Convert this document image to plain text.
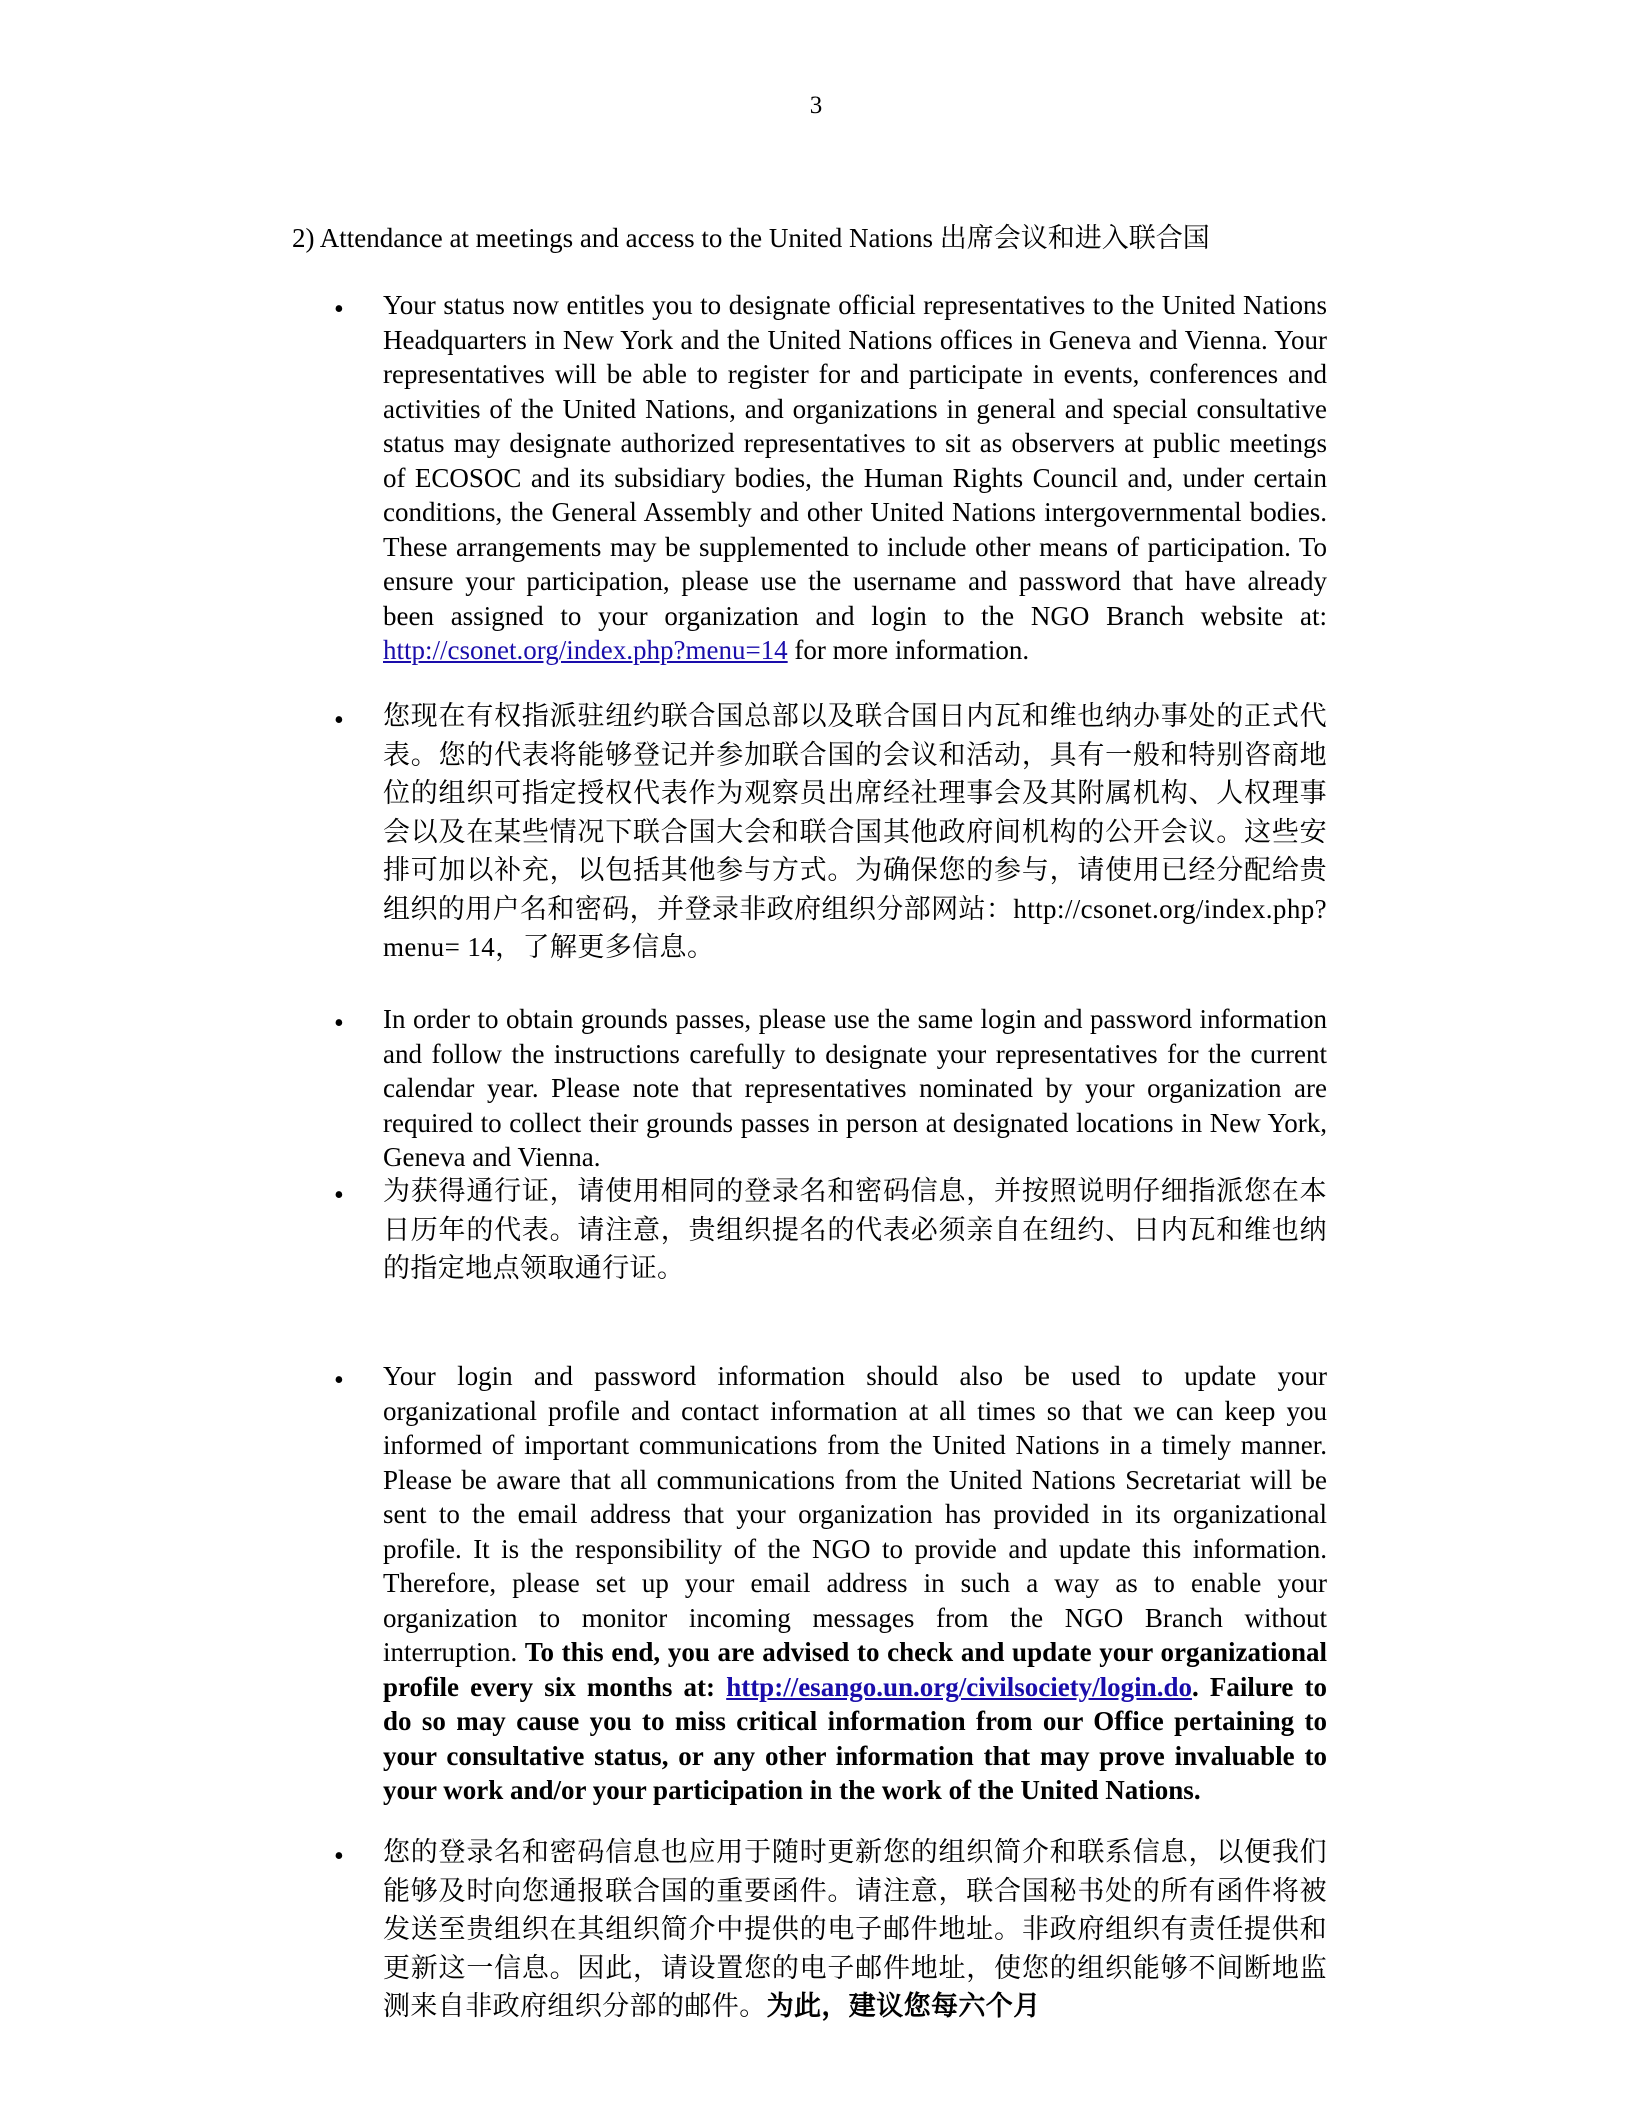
3
2) Attendance at meetings and access to the United Nations 出席会议和进入联合国
• Your status now entitles you to designate official representatives to the United Nations Headquarters in New York and the United Nations offices in Geneva and Vienna. Your representatives will be able to register for and participate in events, conferences and activities of the United Nations, and organizations in general and special consultative status may designate authorized representatives to sit as observers at public meetings of ECOSOC and its subsidiary bodies, the Human Rights Council and, under certain conditions, the General Assembly and other United Nations intergovernmental bodies. These arrangements may be supplemented to include other means of participation. To ensure your participation, please use the username and password that have already been assigned to your organization and login to the NGO Branch website at: http://csonet.org/index.php?menu=14 for more information.
• 您现在有权指派驻纽约联合国总部以及联合国日内瓦和维也纳办事处的正式代表。您的代表将能够登记并参加联合国的会议和活动，具有一般和特别咨商地位的组织可指定授权代表作为观察员出席经社理事会及其附属机构、人权理事会以及在某些情况下联合国大会和联合国其他政府间机构的公开会议。这些安排可加以补充，以包括其他参与方式。为确保您的参与，请使用已经分配给贵组织的用户名和密码，并登录非政府组织分部网站：http://csonet.org/index.php?menu= 14，了解更多信息。
• In order to obtain grounds passes, please use the same login and password information and follow the instructions carefully to designate your representatives for the current calendar year. Please note that representatives nominated by your organization are required to collect their grounds passes in person at designated locations in New York, Geneva and Vienna.
• 为获得通行证，请使用相同的登录名和密码信息，并按照说明仔细指派您在本日历年的代表。请注意，贵组织提名的代表必须亲自在纽约、日内瓦和维也纳的指定地点领取通行证。
• Your login and password information should also be used to update your organizational profile and contact information at all times so that we can keep you informed of important communications from the United Nations in a timely manner. Please be aware that all communications from the United Nations Secretariat will be sent to the email address that your organization has provided in its organizational profile. It is the responsibility of the NGO to provide and update this information. Therefore, please set up your email address in such a way as to enable your organization to monitor incoming messages from the NGO Branch without interruption. To this end, you are advised to check and update your organizational profile every six months at: http://esango.un.org/civilsociety/login.do. Failure to do so may cause you to miss critical information from our Office pertaining to your consultative status, or any other information that may prove invaluable to your work and/or your participation in the work of the United Nations.
• 您的登录名和密码信息也应用于随时更新您的组织简介和联系信息，以便我们能够及时向您通报联合国的重要函件。请注意，联合国秘书处的所有函件将被发送至贵组织在其组织简介中提供的电子邮件地址。非政府组织有责任提供和更新这一信息。因此，请设置您的电子邮件地址，使您的组织能够不间断地监测来自非政府组织分部的邮件。为此，建议您每六个月
